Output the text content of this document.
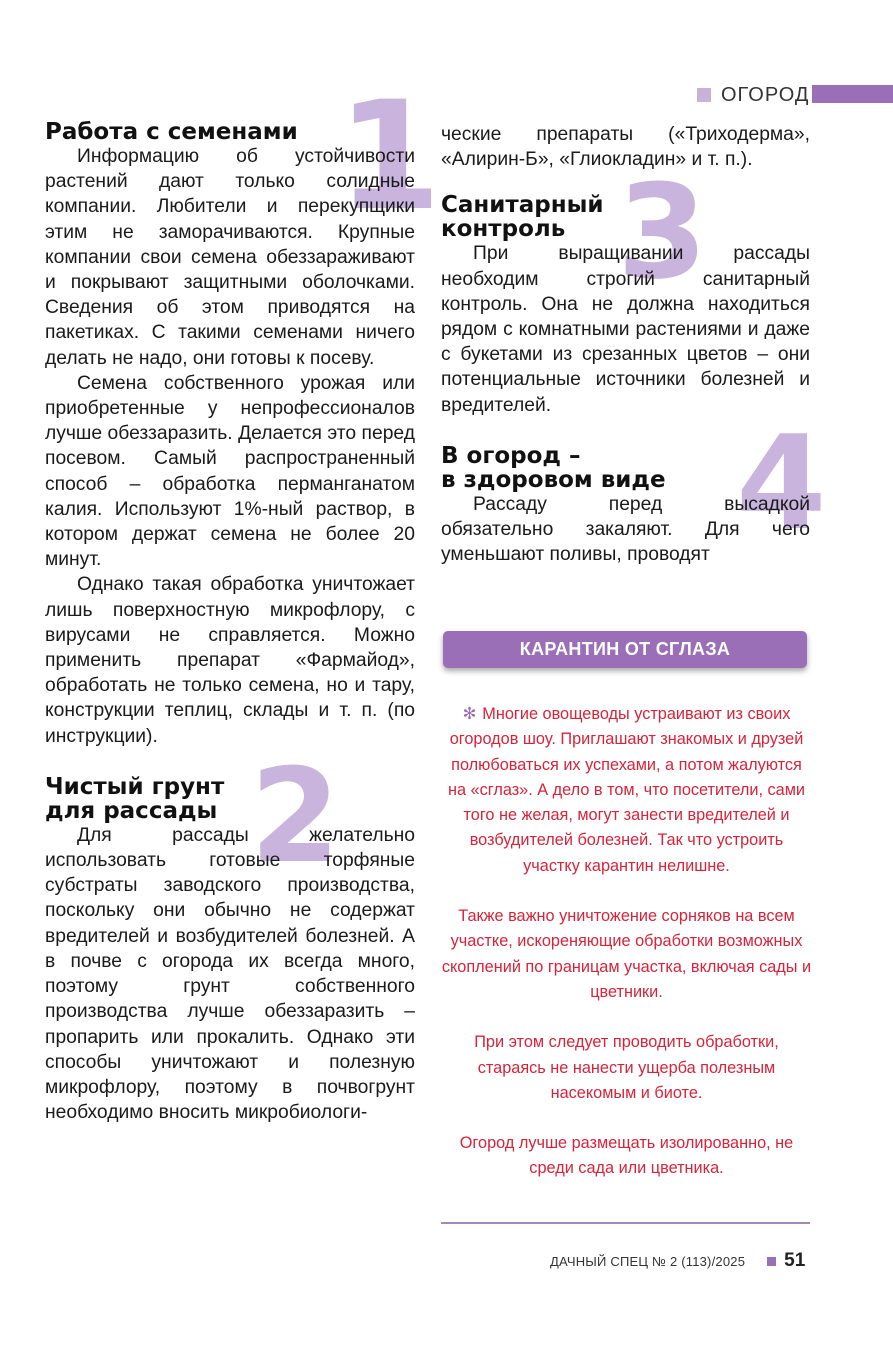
ОГОРОД
1
Работа с семенами

Информацию об устойчивости растений дают только солидные компании. Любители и перекупщики этим не заморачиваются. Крупные компании свои семена обеззараживают и покрывают защитными оболочками. Сведения об этом приводятся на пакетиках. С такими семенами ничего делать не надо, они готовы к посеву.

Семена собственного урожая или приобретенные у непрофессионалов лучше обеззаразить. Делается это перед посевом. Самый распространенный способ – обработка перманганатом калия. Используют 1%-ный раствор, в котором держат семена не более 20 минут.

Однако такая обработка уничтожает лишь поверхностную микрофлору, с вирусами не справляется. Можно применить препарат «Фармайод», обработать не только семена, но и тару, конструкции теплиц, склады и т. п. (по инструкции).

2
Чистый грунт
для рассады

Для рассады желательно использовать готовые торфяные субстраты заводского производства, поскольку они обычно не содержат вредителей и возбудителей болезней. А в почве с огорода их всегда много, поэтому грунт собственного производства лучше обеззаразить – пропарить или прокалить. Однако эти способы уничтожают и полезную микрофлору, поэтому в почвогрунт необходимо вносить микробиологи-

ческие препараты («Триходерма», «Алирин-Б», «Глиокладин» и т. п.).

3
Санитарный
контроль

При выращивании рассады необходим строгий санитарный контроль. Она не должна находиться рядом с комнатными растениями и даже с букетами из срезанных цветов – они потенциальные источники болезней и вредителей.

4
В огород –
в здоровом виде

Рассаду перед высадкой обязательно закаляют. Для чего уменьшают поливы, проводят

КАРАНТИН ОТ СГЛАЗА

✻ Многие овощеводы устраивают из своих огородов шоу. Приглашают знакомых и друзей полюбоваться их успехами, а потом жалуются на «сглаз». А дело в том, что посетители, сами того не желая, могут занести вредителей и возбудителей болезней. Так что устроить участку карантин нелишне.

Также важно уничтожение сорняков на всем участке, искореняющие обработки возможных скоплений по границам участка, включая сады и цветники.

При этом следует проводить обработки, стараясь не нанести ущерба полезным насекомым и биоте.

Огород лучше размещать изолированно, не среди сада или цветника.

ДАЧНЫЙ СПЕЦ № 2 (113)/2025 51
